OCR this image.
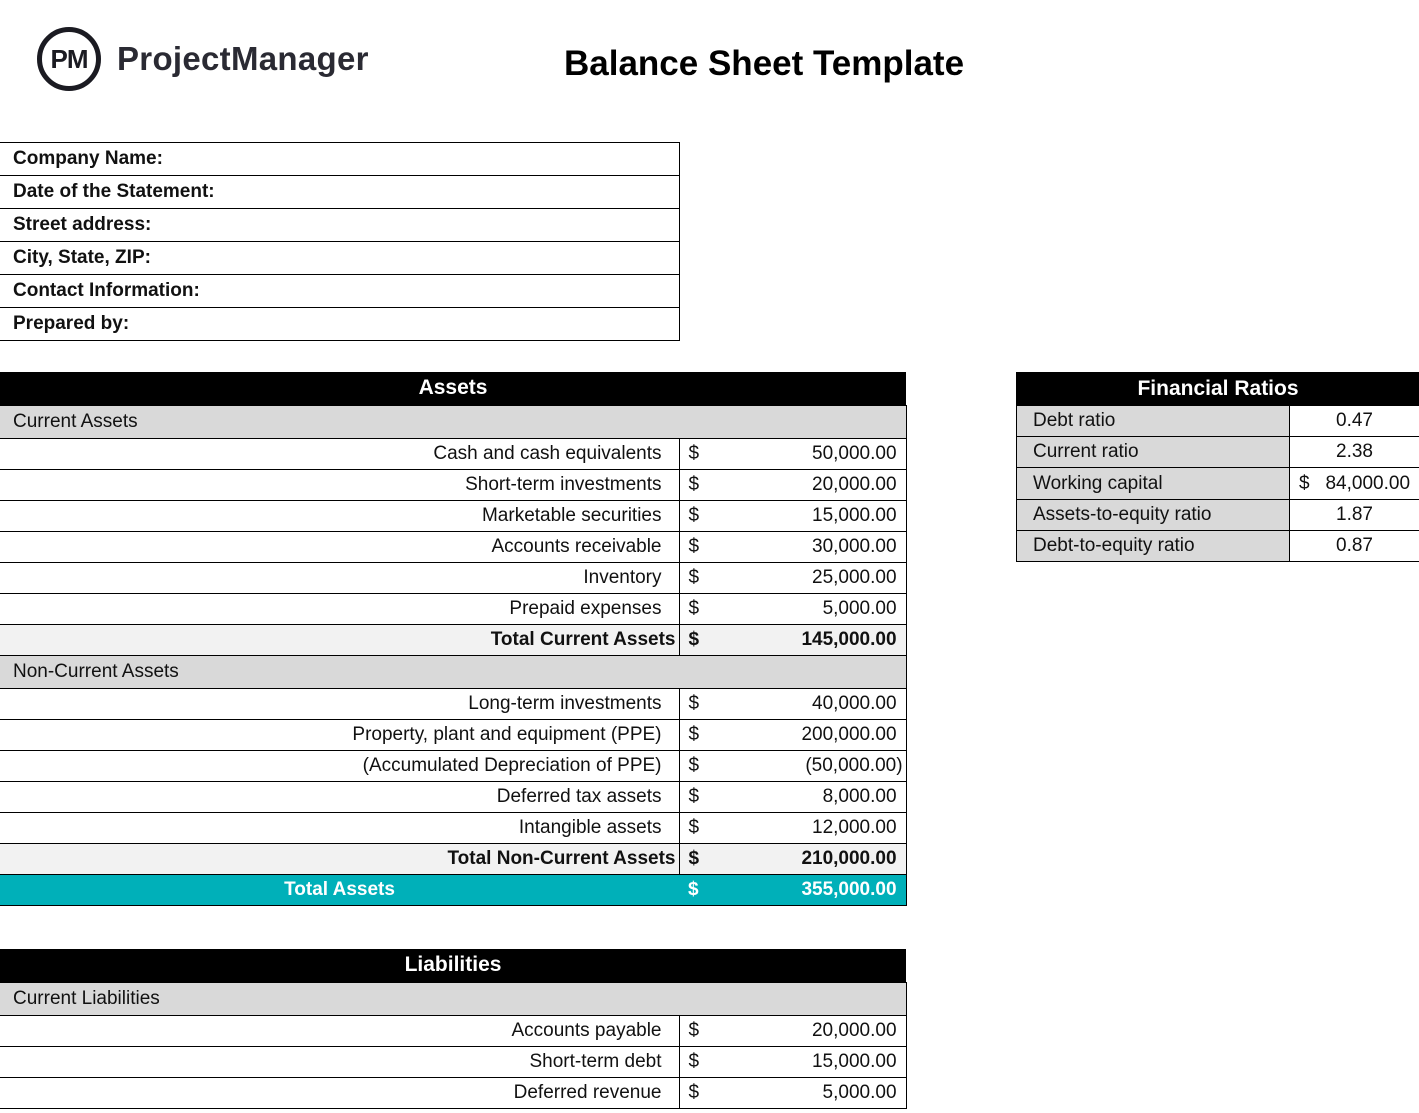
PM ProjectManager	Balance Sheet Template
Company Name:
Date of the Statement:
Street address:
City, State, ZIP:
Contact Information:
Prepared by:
Assets		
Current Assets		
Cash and cash equivalents	$	50,000.00
Short-term investments	$	20,000.00
Marketable securities	$	15,000.00
Accounts receivable	$	30,000.00
Inventory	$	25,000.00
Prepaid expenses	$	5,000.00
Total Current Assets	$	145,000.00
Non-Current Assets		
Long-term investments	$	40,000.00
Property, plant and equipment (PPE)	$	200,000.00
(Accumulated Depreciation of PPE)	$	(50,000.00)
Deferred tax assets	$	8,000.00
Intangible assets	$	12,000.00
Total Non-Current Assets	$	210,000.00
Total Assets	$	355,000.00
Liabilities		
Current Liabilities		
Accounts payable	$	20,000.00
Short-term debt	$	15,000.00
Deferred revenue	$	5,000.00
Financial Ratios	
Debt ratio	0.47
Current ratio	2.38
Working capital	$ 84,000.00

Assets-to-equity ratio	1.87
Debt-to-equity ratio	0.87
